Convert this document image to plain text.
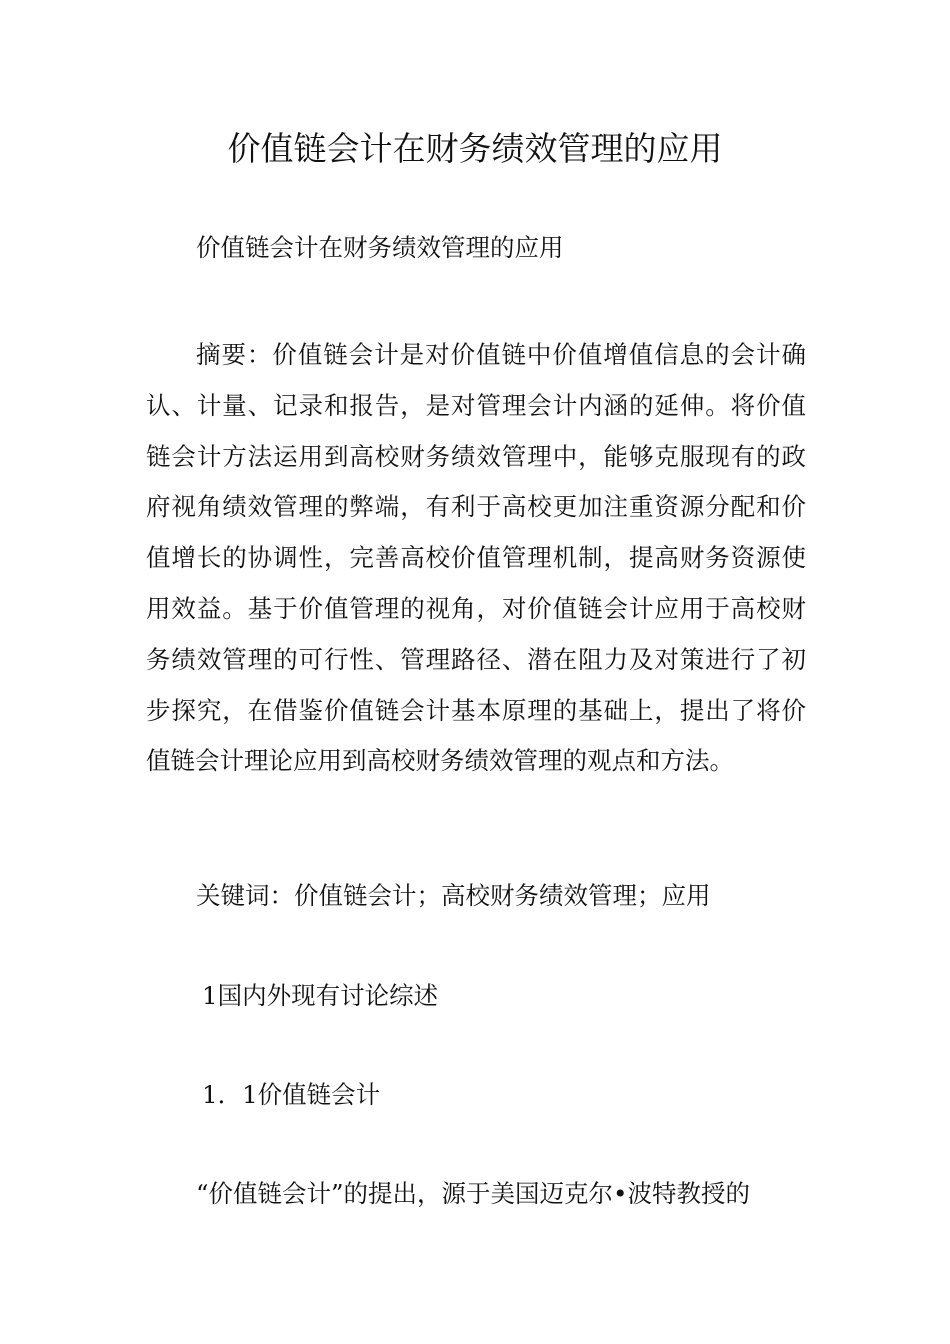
价值链会计在财务绩效管理的应用

价值链会计在财务绩效管理的应用

摘要：价值链会计是对价值链中价值增值信息的会计确认、计量、记录和报告，是对管理会计内涵的延伸。将价值链会计方法运用到高校财务绩效管理中，能够克服现有的政府视角绩效管理的弊端，有利于高校更加注重资源分配和价值增长的协调性，完善高校价值管理机制，提高财务资源使用效益。基于价值管理的视角，对价值链会计应用于高校财务绩效管理的可行性、管理路径、潜在阻力及对策进行了初步探究，在借鉴价值链会计基本原理的基础上，提出了将价值链会计理论应用到高校财务绩效管理的观点和方法。

关键词：价值链会计；高校财务绩效管理；应用

1国内外现有讨论综述

1．1价值链会计

“价值链会计”的提出，源于美国迈克尔•波特教授的
